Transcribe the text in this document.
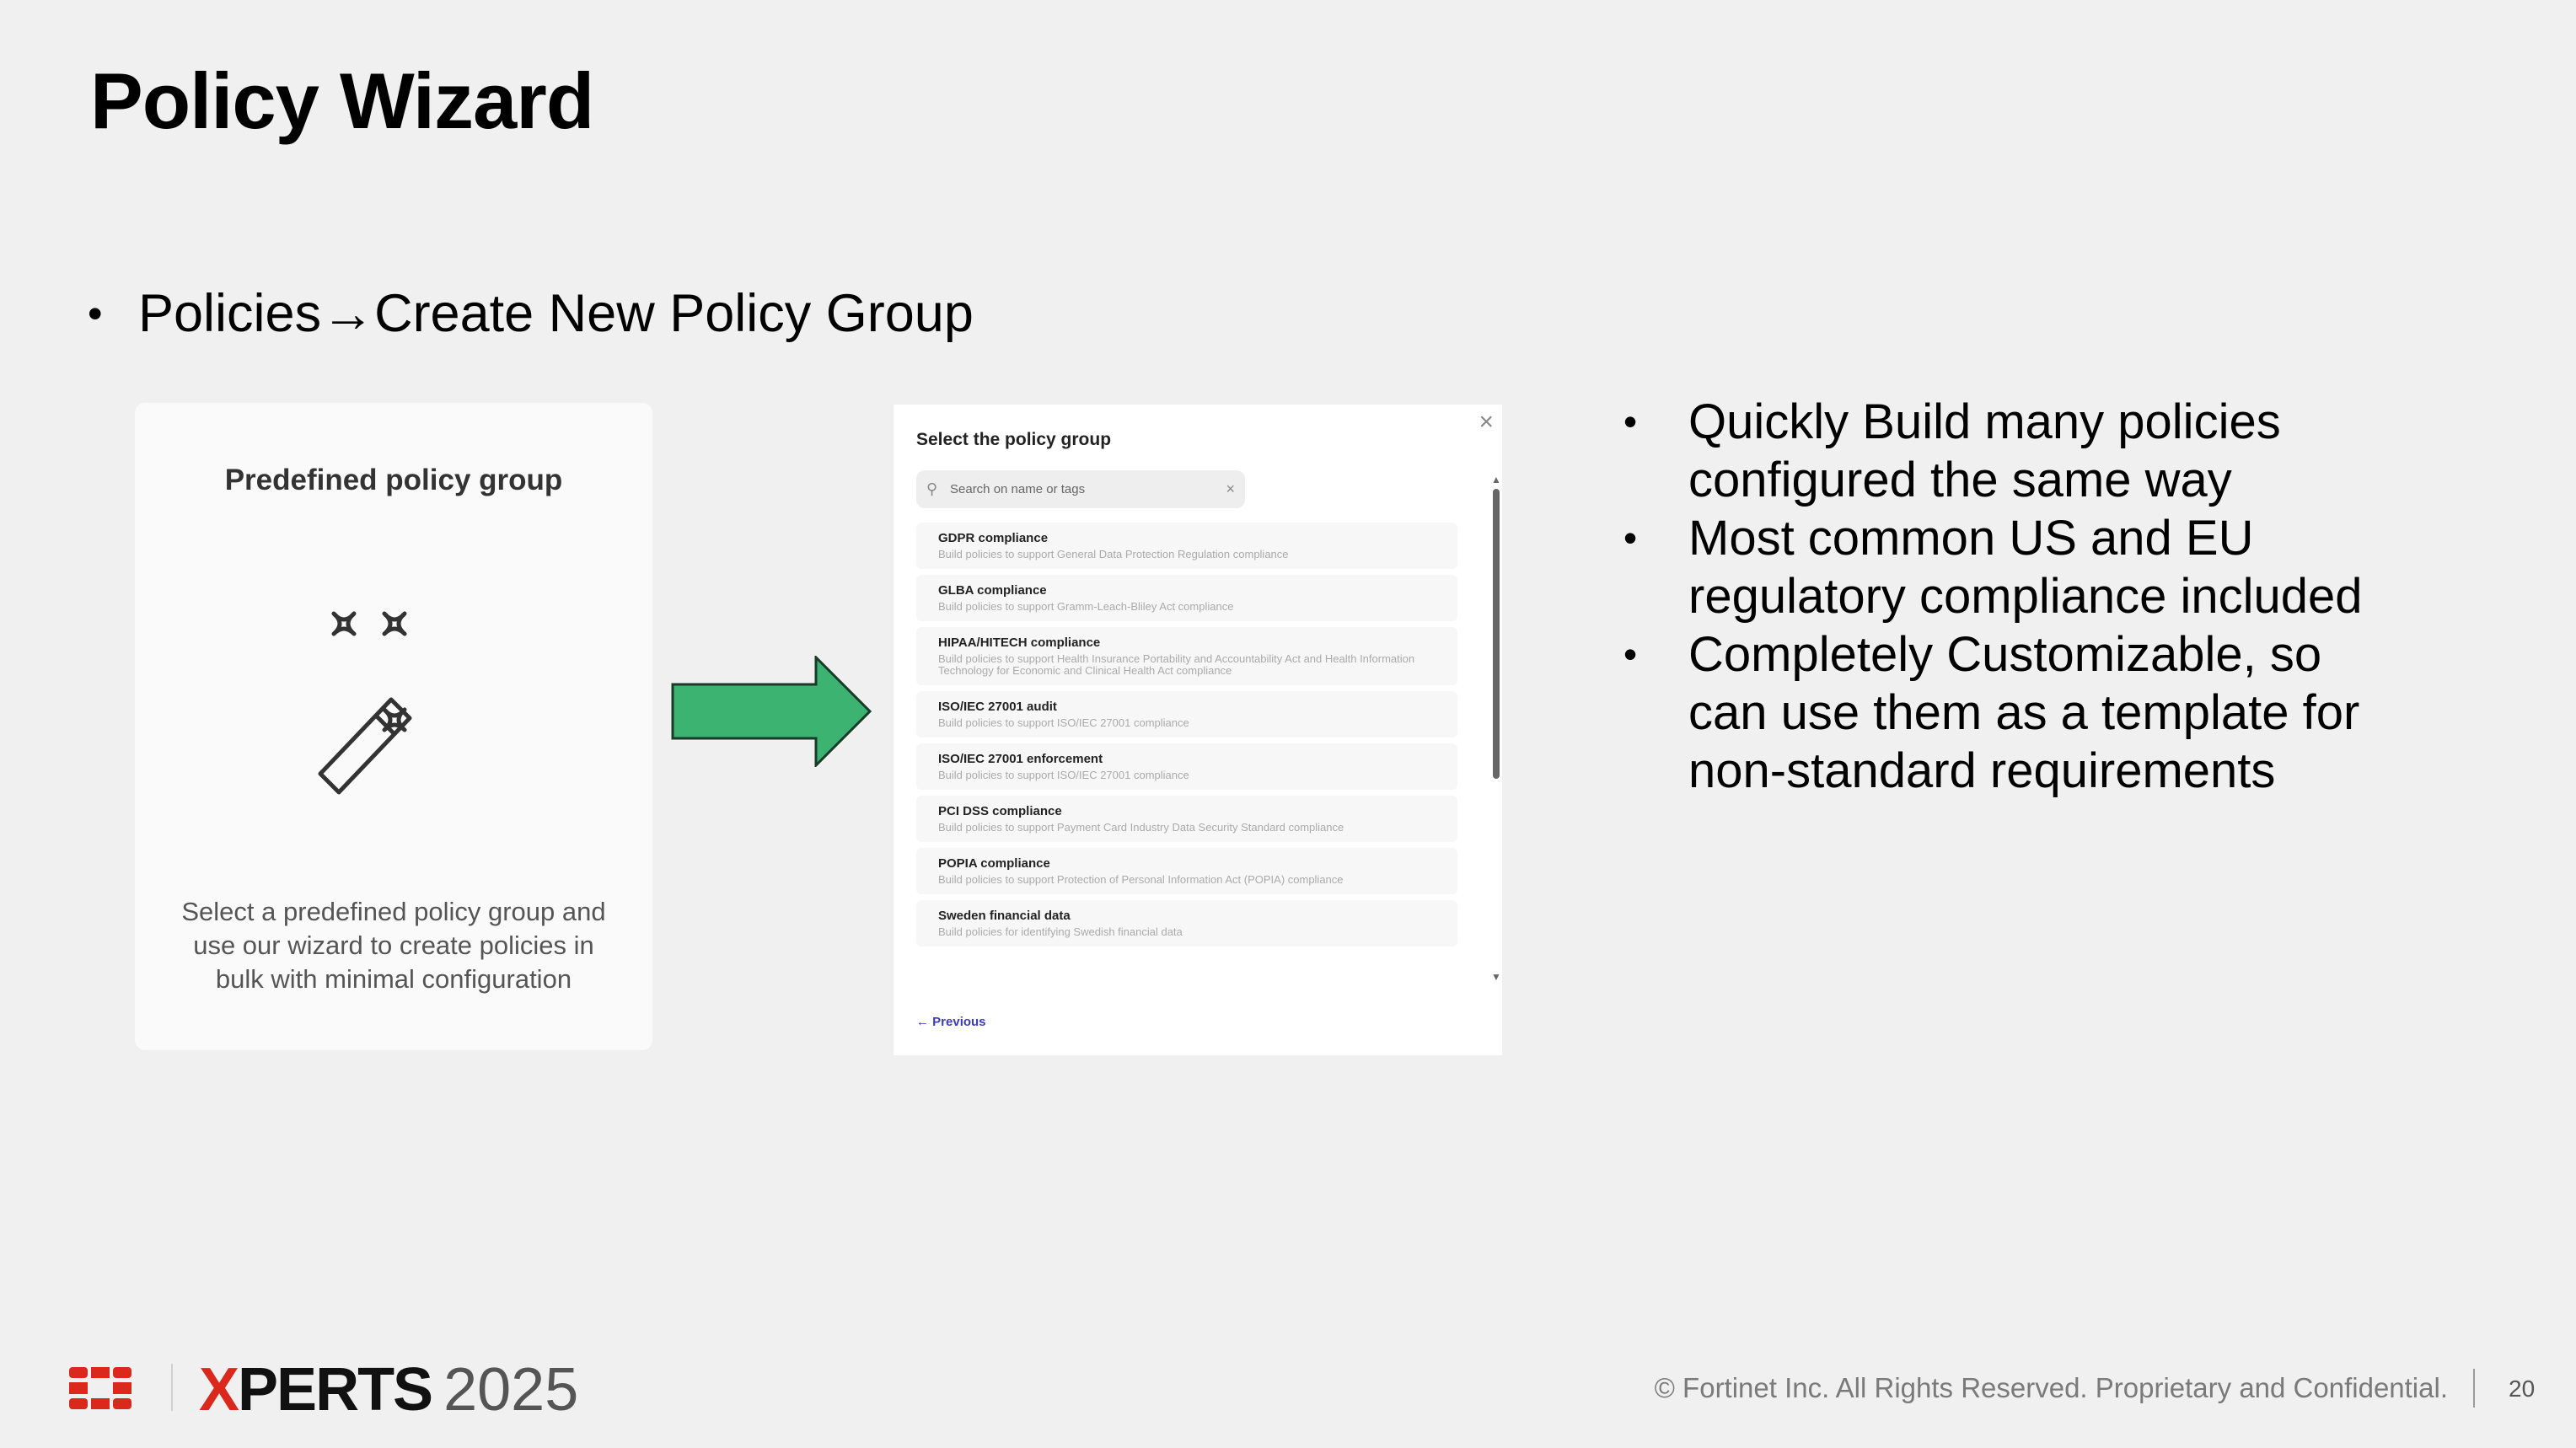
Policy Wizard
• Policies→Create New Policy Group
Predefined policy group
Select a predefined policy group and use our wizard to create policies in bulk with minimal configuration
×
Select the policy group
⚲ Search on name or tags	×
GDPR compliance
Build policies to support General Data Protection Regulation compliance
GLBA compliance
Build policies to support Gramm-Leach-Bliley Act compliance
HIPAA/HITECH compliance
Build policies to support Health Insurance Portability and Accountability Act and Health Information Technology for Economic and Clinical Health Act compliance
ISO/IEC 27001 audit
Build policies to support ISO/IEC 27001 compliance
ISO/IEC 27001 enforcement
Build policies to support ISO/IEC 27001 compliance
PCI DSS compliance
Build policies to support Payment Card Industry Data Security Standard compliance
POPIA compliance
Build policies to support Protection of Personal Information Act (POPIA) compliance
Sweden financial data
Build policies for identifying Swedish financial data
▲
▼
← Previous
• Quickly Build many policies configured the same way
• Most common US and EU regulatory compliance included
• Completely Customizable, so can use them as a template for non-standard requirements
X PERTS 2025	© Fortinet Inc. All Rights Reserved. Proprietary and Confidential.	20
